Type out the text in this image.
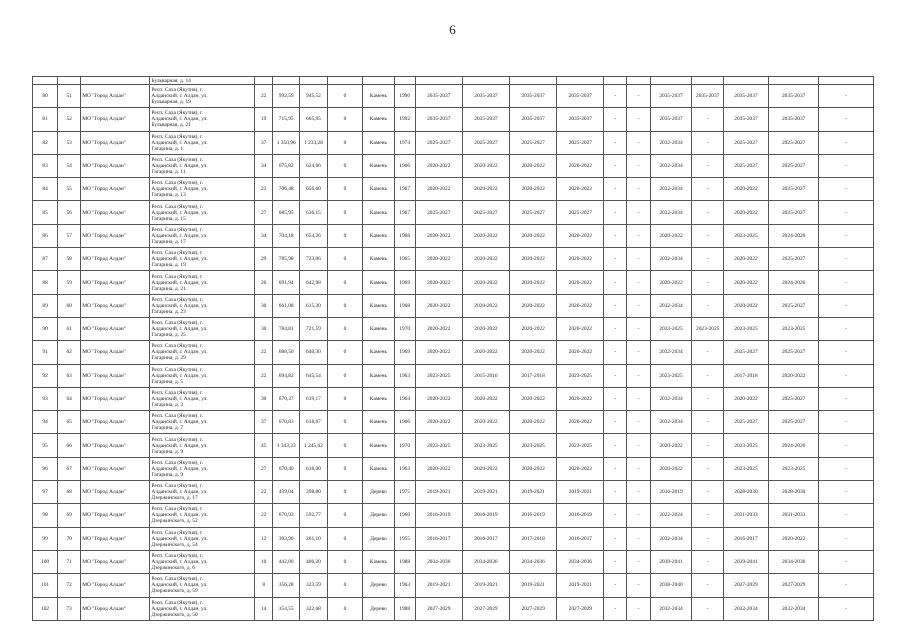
6
			Бульварная, д. 14																	
80	51	МО "Город Алдан"	Респ. Саха (Якутия), г.
Алданский, г. Алдан, ул.
Бульварная, д. 19	22	992,59	945,52	0	Камень	1990	2035-2037	2035-2037	2035-2037	2035-2037	-	-	2035-2037	2035-2037	2035-2037	2035-2037	-
81	52	МО "Город Алдан"	Респ. Саха (Якутия), г.
Алданский, г. Алдан, ул.
Бульварная, д. 21	19	715,95	665,95	0	Камень	1992	2035-2037	2035-2037	2035-2037	2035-2037	-	-	2035-2037	-	2035-2037	2035-2037	-
82	53	МО "Город Алдан"	Респ. Саха (Якутия), г.
Алданский, г. Алдан, ул.
Гагарина, д. 1	37	1 350,96	1 233,28	0	Камень	1974	2025-2027	2025-2027	2025-2027	2025-2027	-	-	2032-2034	-	2025-2027	2025-2027	-
83	54	МО "Город Алдан"	Респ. Саха (Якутия), г.
Алданский, г. Алдан, ул.
Гагарина, д. 11	34	675,82	624,66	0	Камень	1966	2020-2022	2020-2022	2020-2022	2020-2022	-	-	2032-2034	-	2025-2027	2025-2027	-
84	55	МО "Город Алдан"	Респ. Саха (Якутия), г.
Алданский, г. Алдан, ул.
Гагарина, д. 13	23	706,48	656,60	0	Камень	1967	2020-2022	2020-2022	2020-2022	2020-2022	-	-	2032-2034	-	2020-2022	2025-2027	-
85	56	МО "Город Алдан"	Респ. Саха (Якутия), г.
Алданский, г. Алдан, ул.
Гагарина, д. 15	27	685,95	636,15	0	Камень	1967	2025-2027	2025-2027	2025-2027	2025-2027	-	-	2032-2034	-	2020-2022	2025-2027	-
86	57	МО "Город Алдан"	Респ. Саха (Якутия), г.
Алданский, г. Алдан, ул.
Гагарина, д. 17	34	704,18	654,26	0	Камень	1968	2020-2022	2020-2022	2020-2022	2020-2022	-	-	2020-2022	-	2023-2025	2024-2026	-
87	58	МО "Город Алдан"	Респ. Саха (Якутия), г.
Алданский, г. Алдан, ул.
Гагарина, д. 19	29	785,98	723,06	0	Камень	1965	2020-2022	2020-2022	2020-2022	2020-2022	-	-	2032-2034	-	2020-2022	2025-2027	-
88	59	МО "Город Алдан"	Респ. Саха (Якутия), г.
Алданский, г. Алдан, ул.
Гагарина, д. 21	26	691,94	642,98	0	Камень	1969	2020-2022	2020-2022	2020-2022	2020-2022	-	-	2020-2022	-	2020-2022	2024-2026	-
89	60	МО "Город Алдан"	Респ. Саха (Якутия), г.
Алданский, г. Алдан, ул.
Гагарина, д. 23	30	661,08	615,30	0	Камень	1968	2020-2022	2020-2022	2020-2022	2020-2022	-	-	2032-2034	-	2020-2022	2025-2027	-
90	61	МО "Город Алдан"	Респ. Саха (Якутия), г.
Алданский, г. Алдан, ул.
Гагарина, д. 25	30	784,81	721,59	0	Камень	1970	2020-2022	2020-2022	2020-2022	2020-2022	-	-	2023-2025	2023-2025	2023-2025	2023-2025	-
91	62	МО "Город Алдан"	Респ. Саха (Якутия), г.
Алданский, г. Алдан, ул.
Гагарина, д. 29	22	688,50	640,30	0	Камень	1969	2020-2022	2020-2022	2020-2022	2020-2022	-	-	2032-2034	-	2025-2027	2025-2027	-
92	63	МО "Город Алдан"	Респ. Саха (Якутия), г.
Алданский, г. Алдан, ул.
Гагарина, д. 5	22	694,82	645,54	0	Камень	1963	2023-2025	2015-2016	2017-2018	2023-2025	-	-	2023-2025	-	2017-2018	2020-2022	-
93	64	МО "Город Алдан"	Респ. Саха (Якутия), г.
Алданский, г. Алдан, ул.
Гагарина, д. 3	30	670,37	619,17	0	Камень	1964	2020-2022	2020-2022	2020-2022	2020-2022	-	-	2032-2034	-	2020-2022	2025-2027	-
94	65	МО "Город Алдан"	Респ. Саха (Якутия), г.
Алданский, г. Алдан, ул.
Гагарина, д. 7	37	670,83	618,67	0	Камень	1966	2020-2022	2020-2022	2020-2022	2020-2022	-	-	2032-2034	-	2025-2027	2025-2027	-
95	66	МО "Город Алдан"	Респ. Саха (Якутия), г.
Алданский, г. Алдан, ул.
Гагарина, д. 9	45	1 343,33	1 245,62	0	Камень	1970	2023-2025	2023-2025	2023-2025	2023-2025	-	-	2020-2022	-	2023-2025	2024-2026	-
96	67	МО "Город Алдан"	Респ. Саха (Якутия), г.
Алданский, г. Алдан, ул.
Гагарина, д. 9	27	670,40	618,00	0	Камень	1963	2020-2022	2020-2022	2020-2022	2020-2022	-	-	2020-2022	-	2023-2025	2023-2025	-
97	68	МО "Город Алдан"	Респ. Саха (Якутия), г.
Алданский, г. Алдан, ул.
Дзержинского, д. 17	22	439,04	398,80	0	Дерево	1975	2019-2021	2019-2021	2019-2021	2019-2021	-	-	2016-2019	-	2028-2030	2028-2030	-
98	69	МО "Город Алдан"	Респ. Саха (Якутия), г.
Алданский, г. Алдан, ул.
Дзержинского, д. 52	22	670,93	592,77	0	Дерево	1960	2016-2019	2016-2019	2016-2019	2016-2019	-	-	2022-2024	-	2031-2033	2031-2033	-
99	70	МО "Город Алдан"	Респ. Саха (Якутия), г.
Алданский, г. Алдан, ул.
Дзержинского, д. 54	12	303,90	261,10	0	Дерево	1955	2016-2017	2016-2017	2017-2018	2016-2017	-	-	2032-2034	-	2016-2017	2020-2022	-
100	71	МО "Город Алдан"	Респ. Саха (Якутия), г.
Алданский, г. Алдан, ул.
Дзержинского, д. 6	10	442,00	406,20	0	Камень	1988	2034-2036	2034-2036	2034-2036	2034-2036	-	-	2039-2041	-	2039-2041	2034-2036	-
101	72	МО "Город Алдан"	Респ. Саха (Якутия), г.
Алданский, г. Алдан, ул.
Дзержинского, д. 59	8	356,28	323,59	0	Дерево	1963	2019-2021	2019-2021	2019-2021	2019-2021	-	-	2038-2040	-	2027-2029	2027-2029	-
102	73	МО "Город Алдан"	Респ. Саха (Якутия), г.
Алданский, г. Алдан, ул.
Дзержинского, д. 50	14	354,55	322,68	0	Дерево	1988	2027-2029	2027-2029	2027-2029	2027-2029	-	-	2032-2034	-	2032-2034	2032-2034	-
